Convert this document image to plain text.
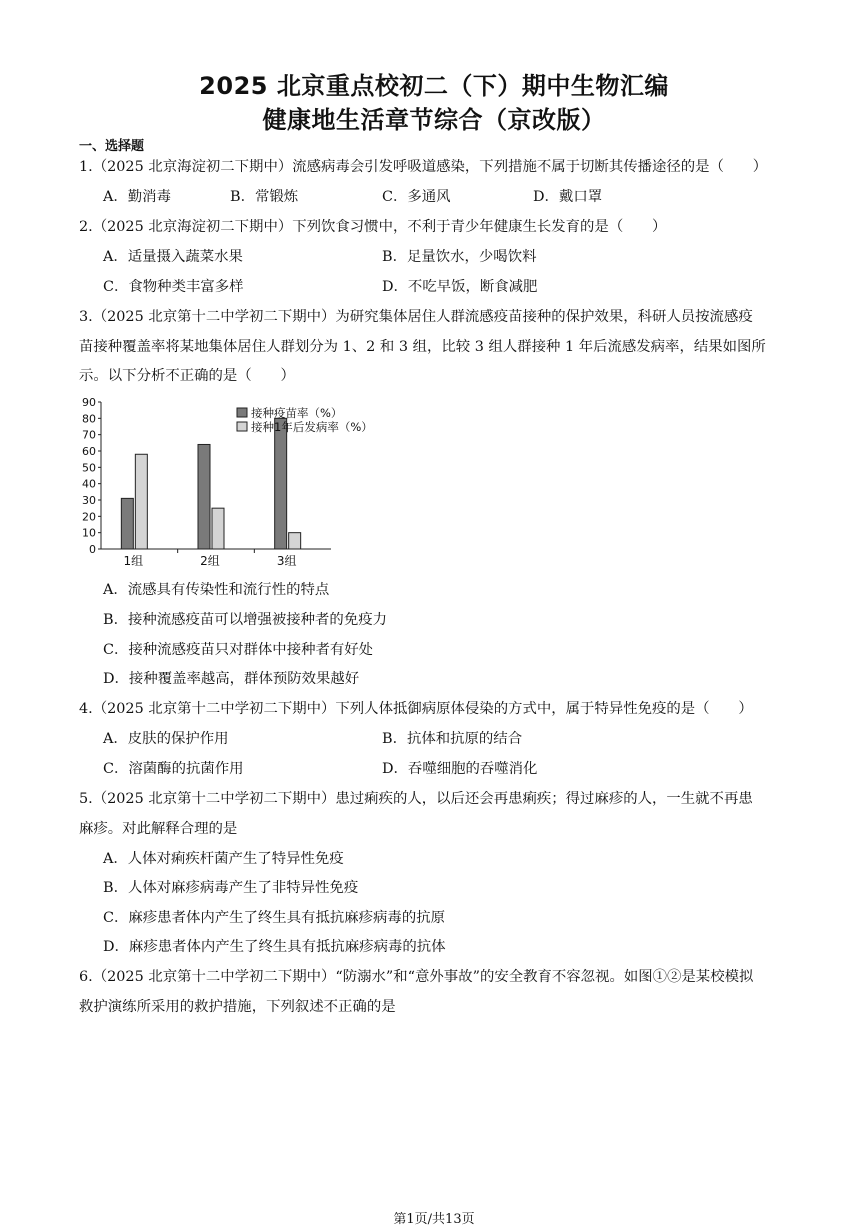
2025 北京重点校初二（下）期中生物汇编
健康地生活章节综合（京改版）
一、选择题
1.（2025 北京海淀初二下期中）流感病毒会引发呼吸道感染，下列措施不属于切断其传播途径的是（　　）
A．勤消毒	B．常锻炼	C．多通风	D．戴口罩
2.（2025 北京海淀初二下期中）下列饮食习惯中，不利于青少年健康生长发育的是（　　）
A．适量摄入蔬菜水果	B．足量饮水，少喝饮料
C．食物种类丰富多样	D．不吃早饭，断食减肥
3.（2025 北京第十二中学初二下期中）为研究集体居住人群流感疫苗接种的保护效果，科研人员按流感疫
苗接种覆盖率将某地集体居住人群划分为 1、2 和 3 组，比较 3 组人群接种 1 年后流感发病率，结果如图所
示。以下分析不正确的是（　　）
0
10
20
30
40
50
60
70
80
90
1组	2组	3组
接种疫苗率（%）
接种1年后发病率（%）
A．流感具有传染性和流行性的特点
B．接种流感疫苗可以增强被接种者的免疫力
C．接种流感疫苗只对群体中接种者有好处
D．接种覆盖率越高，群体预防效果越好
4.（2025 北京第十二中学初二下期中）下列人体抵御病原体侵染的方式中，属于特异性免疫的是（　　）
A．皮肤的保护作用	B．抗体和抗原的结合
C．溶菌酶的抗菌作用	D．吞噬细胞的吞噬消化
5.（2025 北京第十二中学初二下期中）患过痢疾的人，以后还会再患痢疾；得过麻疹的人，一生就不再患
麻疹。对此解释合理的是
A．人体对痢疾杆菌产生了特异性免疫
B．人体对麻疹病毒产生了非特异性免疫
C．麻疹患者体内产生了终生具有抵抗麻疹病毒的抗原
D．麻疹患者体内产生了终生具有抵抗麻疹病毒的抗体
6.（2025 北京第十二中学初二下期中）“防溺水”和“意外事故”的安全教育不容忽视。如图①②是某校模拟
救护演练所采用的救护措施，下列叙述不正确的是
第1页/共13页
